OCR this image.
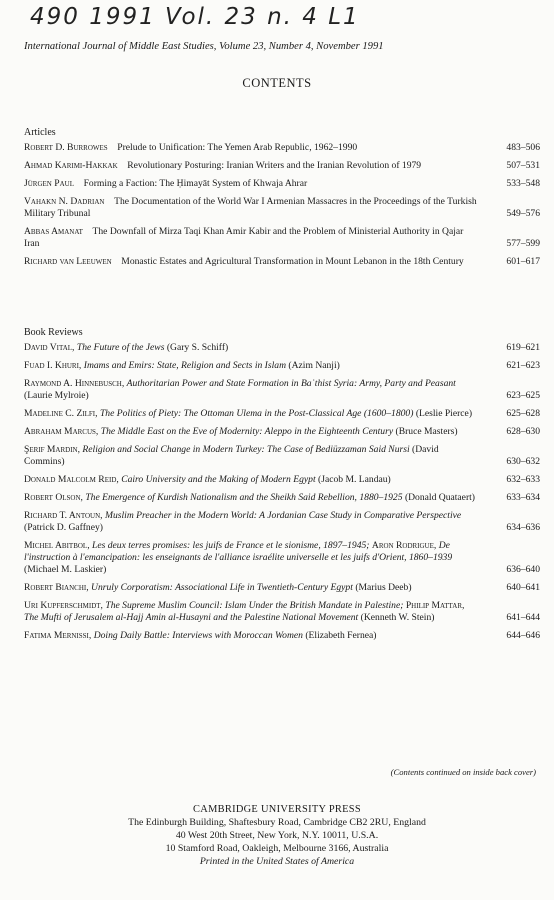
490 1991 Vol. 23 n. 4 L1
International Journal of Middle East Studies, Volume 23, Number 4, November 1991
CONTENTS
Articles
Robert D. Burrowes  Prelude to Unification: The Yemen Arab Republic, 1962–1990	483–506
Ahmad Karimi-Hakkak  Revolutionary Posturing: Iranian Writers and the Iranian Revolution of 1979	507–531
Jürgen Paul  Forming a Faction: The Ḥimayāt System of Khwaja Ahrar	533–548
Vahakn N. Dadrian  The Documentation of the World War I Armenian Massacres in the Proceedings of the Turkish Military Tribunal	549–576
Abbas Amanat  The Downfall of Mirza Taqi Khan Amir Kabir and the Problem of Ministerial Authority in Qajar Iran	577–599
Richard van Leeuwen  Monastic Estates and Agricultural Transformation in Mount Lebanon in the 18th Century	601–617
Book Reviews
David Vital, The Future of the Jews (Gary S. Schiff)	619–621
Fuad I. Khuri, Imams and Emirs: State, Religion and Sects in Islam (Azim Nanji)	621–623
Raymond A. Hinnebusch, Authoritarian Power and State Formation in Baʿthist Syria: Army, Party and Peasant (Laurie Mylroie)	623–625
Madeline C. Zilfi, The Politics of Piety: The Ottoman Ulema in the Post-Classical Age (1600–1800) (Leslie Pierce)	625–628
Abraham Marcus, The Middle East on the Eve of Modernity: Aleppo in the Eighteenth Century (Bruce Masters)	628–630
Şerif Mardin, Religion and Social Change in Modern Turkey: The Case of Bediüzzaman Said Nursi (David Commins)	630–632
Donald Malcolm Reid, Cairo University and the Making of Modern Egypt (Jacob M. Landau)	632–633
Robert Olson, The Emergence of Kurdish Nationalism and the Sheikh Said Rebellion, 1880–1925 (Donald Quataert)	633–634
Richard T. Antoun, Muslim Preacher in the Modern World: A Jordanian Case Study in Comparative Perspective (Patrick D. Gaffney)	634–636
Michel Abitbol, Les deux terres promises: les juifs de France et le sionisme, 1897–1945; Aron Rodrigue, De l'instruction à l'emancipation: les enseignants de l'alliance israélite universelle et les juifs d'Orient, 1860–1939 (Michael M. Laskier)	636–640
Robert Bianchi, Unruly Corporatism: Associational Life in Twentieth-Century Egypt (Marius Deeb)	640–641
Uri Kupferschmidt, The Supreme Muslim Council: Islam Under the British Mandate in Palestine; Philip Mattar, The Mufti of Jerusalem al-Hajj Amin al-Husayni and the Palestine National Movement (Kenneth W. Stein)	641–644
Fatima Mernissi, Doing Daily Battle: Interviews with Moroccan Women (Elizabeth Fernea)	644–646
(Contents continued on inside back cover)
CAMBRIDGE UNIVERSITY PRESS
The Edinburgh Building, Shaftesbury Road, Cambridge CB2 2RU, England
40 West 20th Street, New York, N.Y. 10011, U.S.A.
10 Stamford Road, Oakleigh, Melbourne 3166, Australia
Printed in the United States of America
